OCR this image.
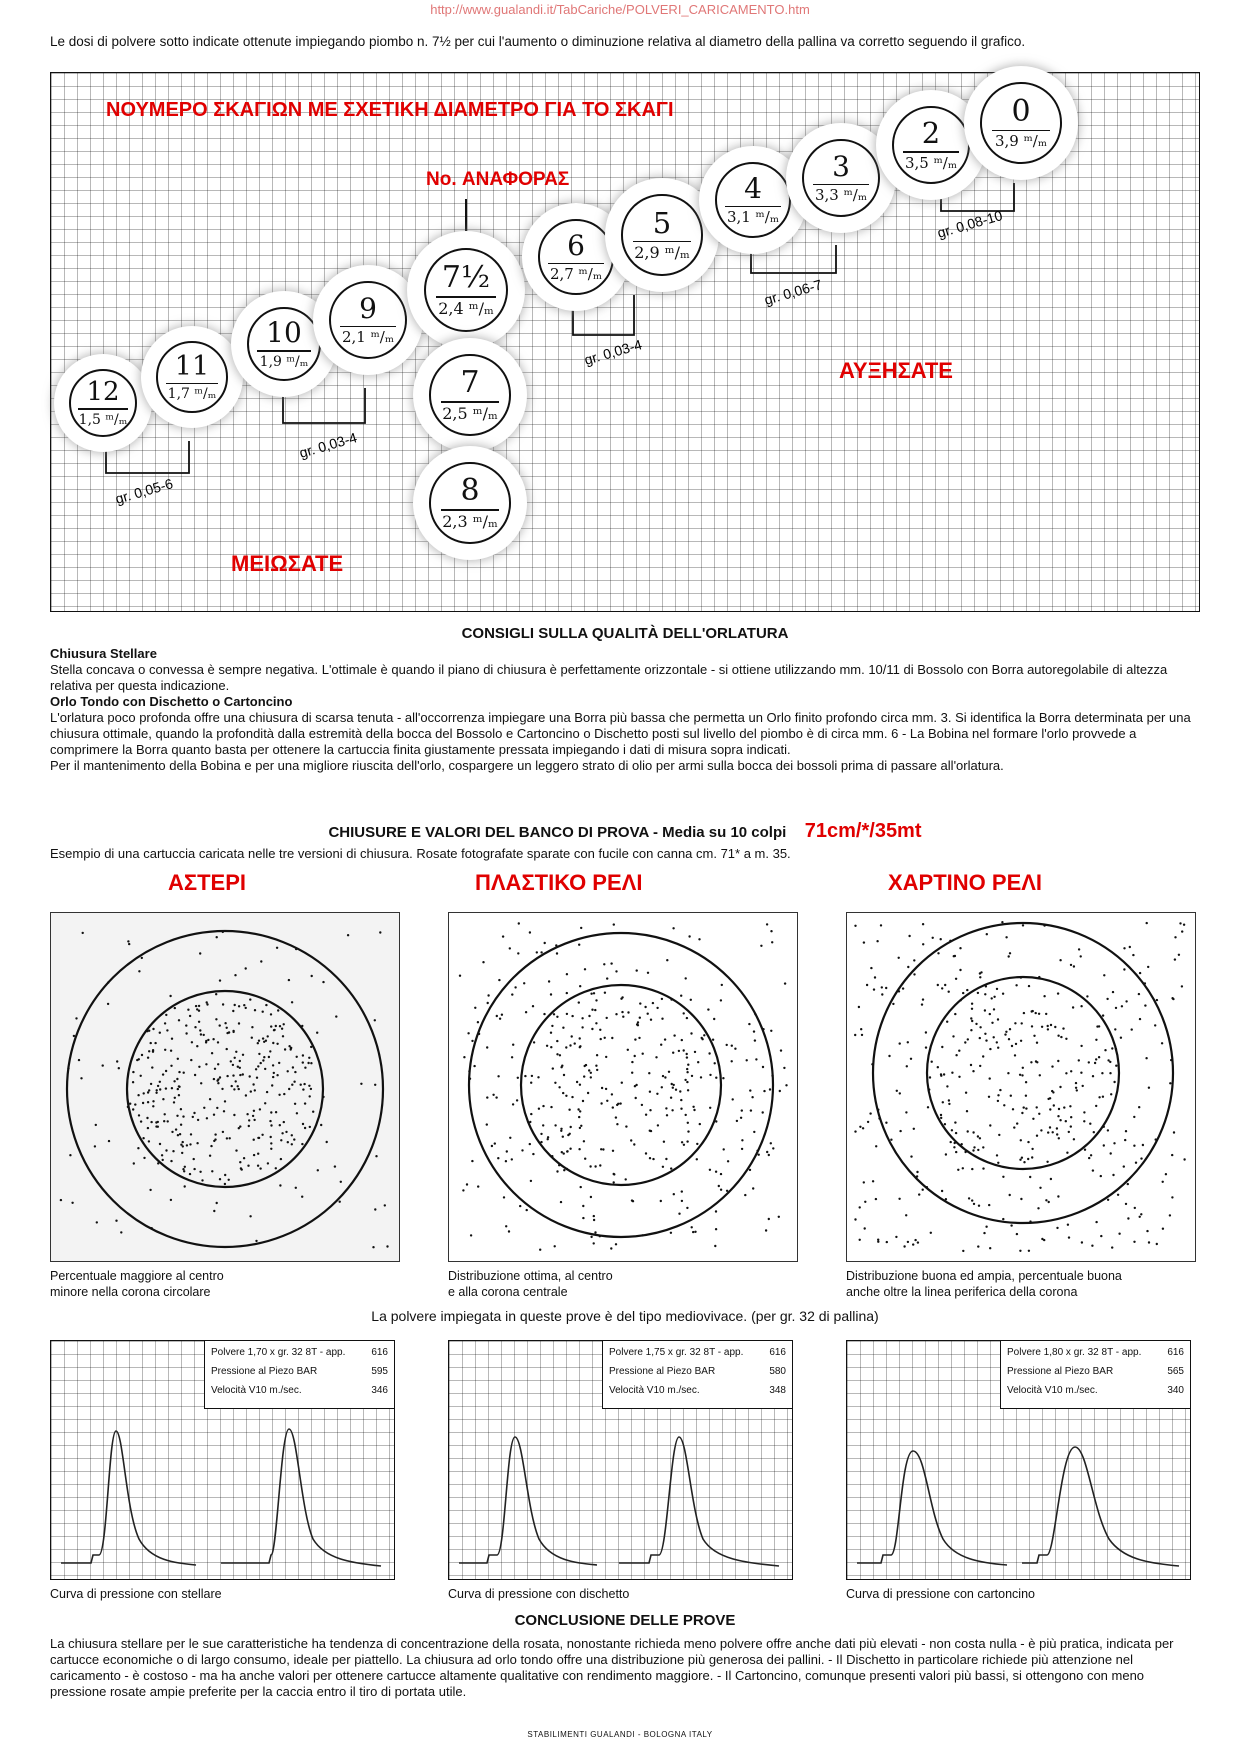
http://www.gualandi.it/TabCariche/POLVERI_CARICAMENTO.htm
Le dosi di polvere sotto indicate ottenute impiegando piombo n. 7½ per cui l'aumento o diminuzione relativa al diametro della pallina va corretto seguendo il grafico.
ΝΟΥΜΕΡΟ ΣΚΑΓΙΩΝ ΜΕ ΣΧΕΤΙΚΗ ΔΙΑΜΕΤΡΟ ΓΙΑ ΤΟ ΣΚΑΓΙ
No. ΑΝΑΦΟΡΑΣ
ΑΥΞΗΣΑΤΕ
ΜΕΙΩΣΑΤΕ
gr. 0,05-6
gr. 0,03-4
gr. 0,03-4
gr. 0,06-7
gr. 0,08-10
12
1,5 ᵐ/ₘ
11
1,7 ᵐ/ₘ
10
1,9 ᵐ/ₘ
9
2,1 ᵐ/ₘ
7½
2,4 ᵐ/ₘ
7
2,5 ᵐ/ₘ
8
2,3 ᵐ/ₘ
6
2,7 ᵐ/ₘ
5
2,9 ᵐ/ₘ
4
3,1 ᵐ/ₘ
3
3,3 ᵐ/ₘ
2
3,5 ᵐ/ₘ
0
3,9 ᵐ/ₘ
CONSIGLI SULLA QUALITÀ DELL'ORLATURA
Chiusura Stellare
Stella concava o convessa è sempre negativa. L'ottimale è quando il piano di chiusura è perfettamente orizzontale - si ottiene utilizzando mm. 10/11 di Bossolo con Borra autoregolabile di altezza relativa per questa indicazione.
Orlo Tondo con Dischetto o Cartoncino
L'orlatura poco profonda offre una chiusura di scarsa tenuta - all'occorrenza impiegare una Borra più bassa che permetta un Orlo finito profondo circa mm. 3. Si identifica la Borra determinata per una chiusura ottimale, quando la profondità dalla estremità della bocca del Bossolo e Cartoncino o Dischetto posti sul livello del piombo è di circa mm. 6 - La Bobina nel formare l'orlo provvede a comprimere la Borra quanto basta per ottenere la cartuccia finita giustamente pressata impiegando i dati di misura sopra indicati.
Per il mantenimento della Bobina e per una migliore riuscita dell'orlo, cospargere un leggero strato di olio per armi sulla bocca dei bossoli prima di passare all'orlatura.
CHIUSURE E VALORI DEL BANCO DI PROVA - Media su 10 colpi 71cm/*/35mt
Esempio di una cartuccia caricata nelle tre versioni di chiusura. Rosate fotografate sparate con fucile con canna cm. 71* a m. 35.
ΑΣΤΕΡΙ	ΠΛΑΣΤΙΚΟ ΡΕΛΙ	ΧΑΡΤΙΝΟ ΡΕΛΙ
Percentuale maggiore al centro
minore nella corona circolare
Distribuzione ottima, al centro
e alla corona centrale
Distribuzione buona ed ampia, percentuale buona
anche oltre la linea periferica della corona
La polvere impiegata in queste prove è del tipo mediovivace. (per gr. 32 di pallina)
Polvere 1,70 x gr. 32 8T - app.	616
Pressione al Piezo BAR	595
Velocità V10 m./sec.	346
Polvere 1,75 x gr. 32 8T - app.	616
Pressione al Piezo BAR	580
Velocità V10 m./sec.	348
Polvere 1,80 x gr. 32 8T - app.	616
Pressione al Piezo BAR	565
Velocità V10 m./sec.	340
Curva di pressione con stellare	Curva di pressione con dischetto	Curva di pressione con cartoncino
CONCLUSIONE DELLE PROVE
La chiusura stellare per le sue caratteristiche ha tendenza di concentrazione della rosata, nonostante richieda meno polvere offre anche dati più elevati - non costa nulla - è più pratica, indicata per cartucce economiche o di largo consumo, ideale per piattello. La chiusura ad orlo tondo offre una distribuzione più generosa dei pallini. - Il Dischetto in particolare richiede più attenzione nel caricamento - è costoso - ma ha anche valori per ottenere cartucce altamente qualitative con rendimento maggiore. - Il Cartoncino, comunque presenti valori più bassi, si ottengono con meno pressione rosate ampie preferite per la caccia entro il tiro di portata utile.
STABILIMENTI GUALANDI - BOLOGNA ITALY
